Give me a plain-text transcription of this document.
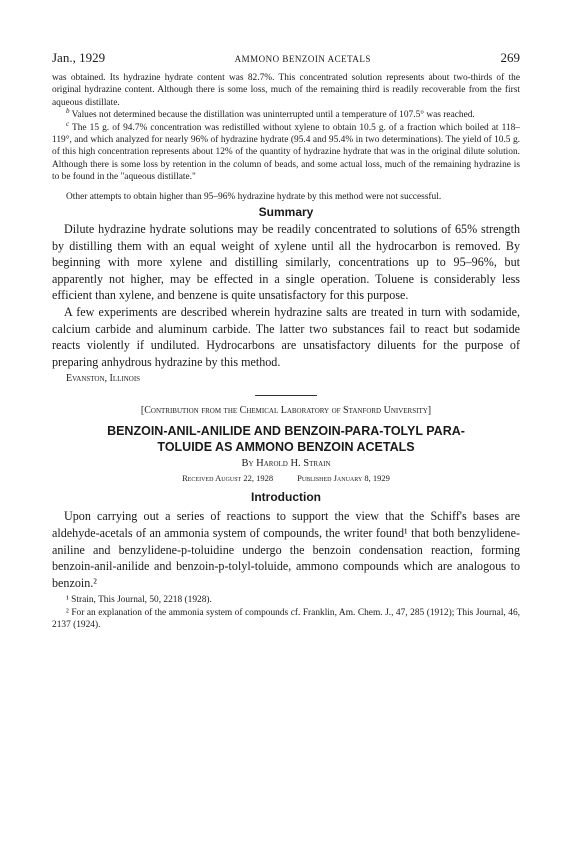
Jan., 1929	AMMONO BENZOIN ACETALS	269

was obtained. Its hydrazine hydrate content was 82.7%. This concentrated solution represents about two-thirds of the original hydrazine content. Although there is some loss, much of the remaining third is readily recoverable from the first aqueous distillate.

$^b$ Values not determined because the distillation was uninterrupted until a temperature of 107.5° was reached.

$^c$ The 15 g. of 94.7% concentration was redistilled without xylene to obtain 10.5 g. of a fraction which boiled at 118–119°, and which analyzed for nearly 96% of hydrazine hydrate (95.4 and 95.4% in two determinations). The yield of 10.5 g. of this high concentration represents about 12% of the quantity of hydrazine hydrate that was in the original dilute solution. Although there is some loss by retention in the column of beads, and some actual loss, much of the remaining hydrazine is to be found in the "aqueous distillate."

Other attempts to obtain higher than 95–96% hydrazine hydrate by this method were not successful.

Summary

Dilute hydrazine hydrate solutions may be readily concentrated to solutions of 65% strength by distilling them with an equal weight of xylene until all the hydrocarbon is removed. By beginning with more xylene and distilling similarly, concentrations up to 95–96%, but apparently not higher, may be effected in a single operation. Toluene is considerably less efficient than xylene, and benzene is quite unsatisfactory for this purpose.

A few experiments are described wherein hydrazine salts are treated in turn with sodamide, calcium carbide and aluminum carbide. The latter two substances fail to react but sodamide reacts violently if undiluted. Hydrocarbons are unsatisfactory diluents for the purpose of preparing anhydrous hydrazine by this method.

Evanston, Illinois

[Contribution from the Chemical Laboratory of Stanford University]

BENZOIN-ANIL-ANILIDE AND BENZOIN-PARA-TOLYL PARA-
TOLUIDE AS AMMONO BENZOIN ACETALS
By Harold H. Strain
Received August 22, 1928	Published January 8, 1929
Introduction

Upon carrying out a series of reactions to support the view that the Schiff's bases are aldehyde-acetals of an ammonia system of compounds, the writer found¹ that both benzylidene-aniline and benzylidene-p-toluidine undergo the benzoin condensation reaction, forming benzoin-anil-anilide and benzoin-p-tolyl-toluide, ammono compounds which are analogous to benzoin.²

¹ Strain, This Journal, 50, 2218 (1928).

² For an explanation of the ammonia system of compounds cf. Franklin, Am. Chem. J., 47, 285 (1912); This Journal, 46, 2137 (1924).
